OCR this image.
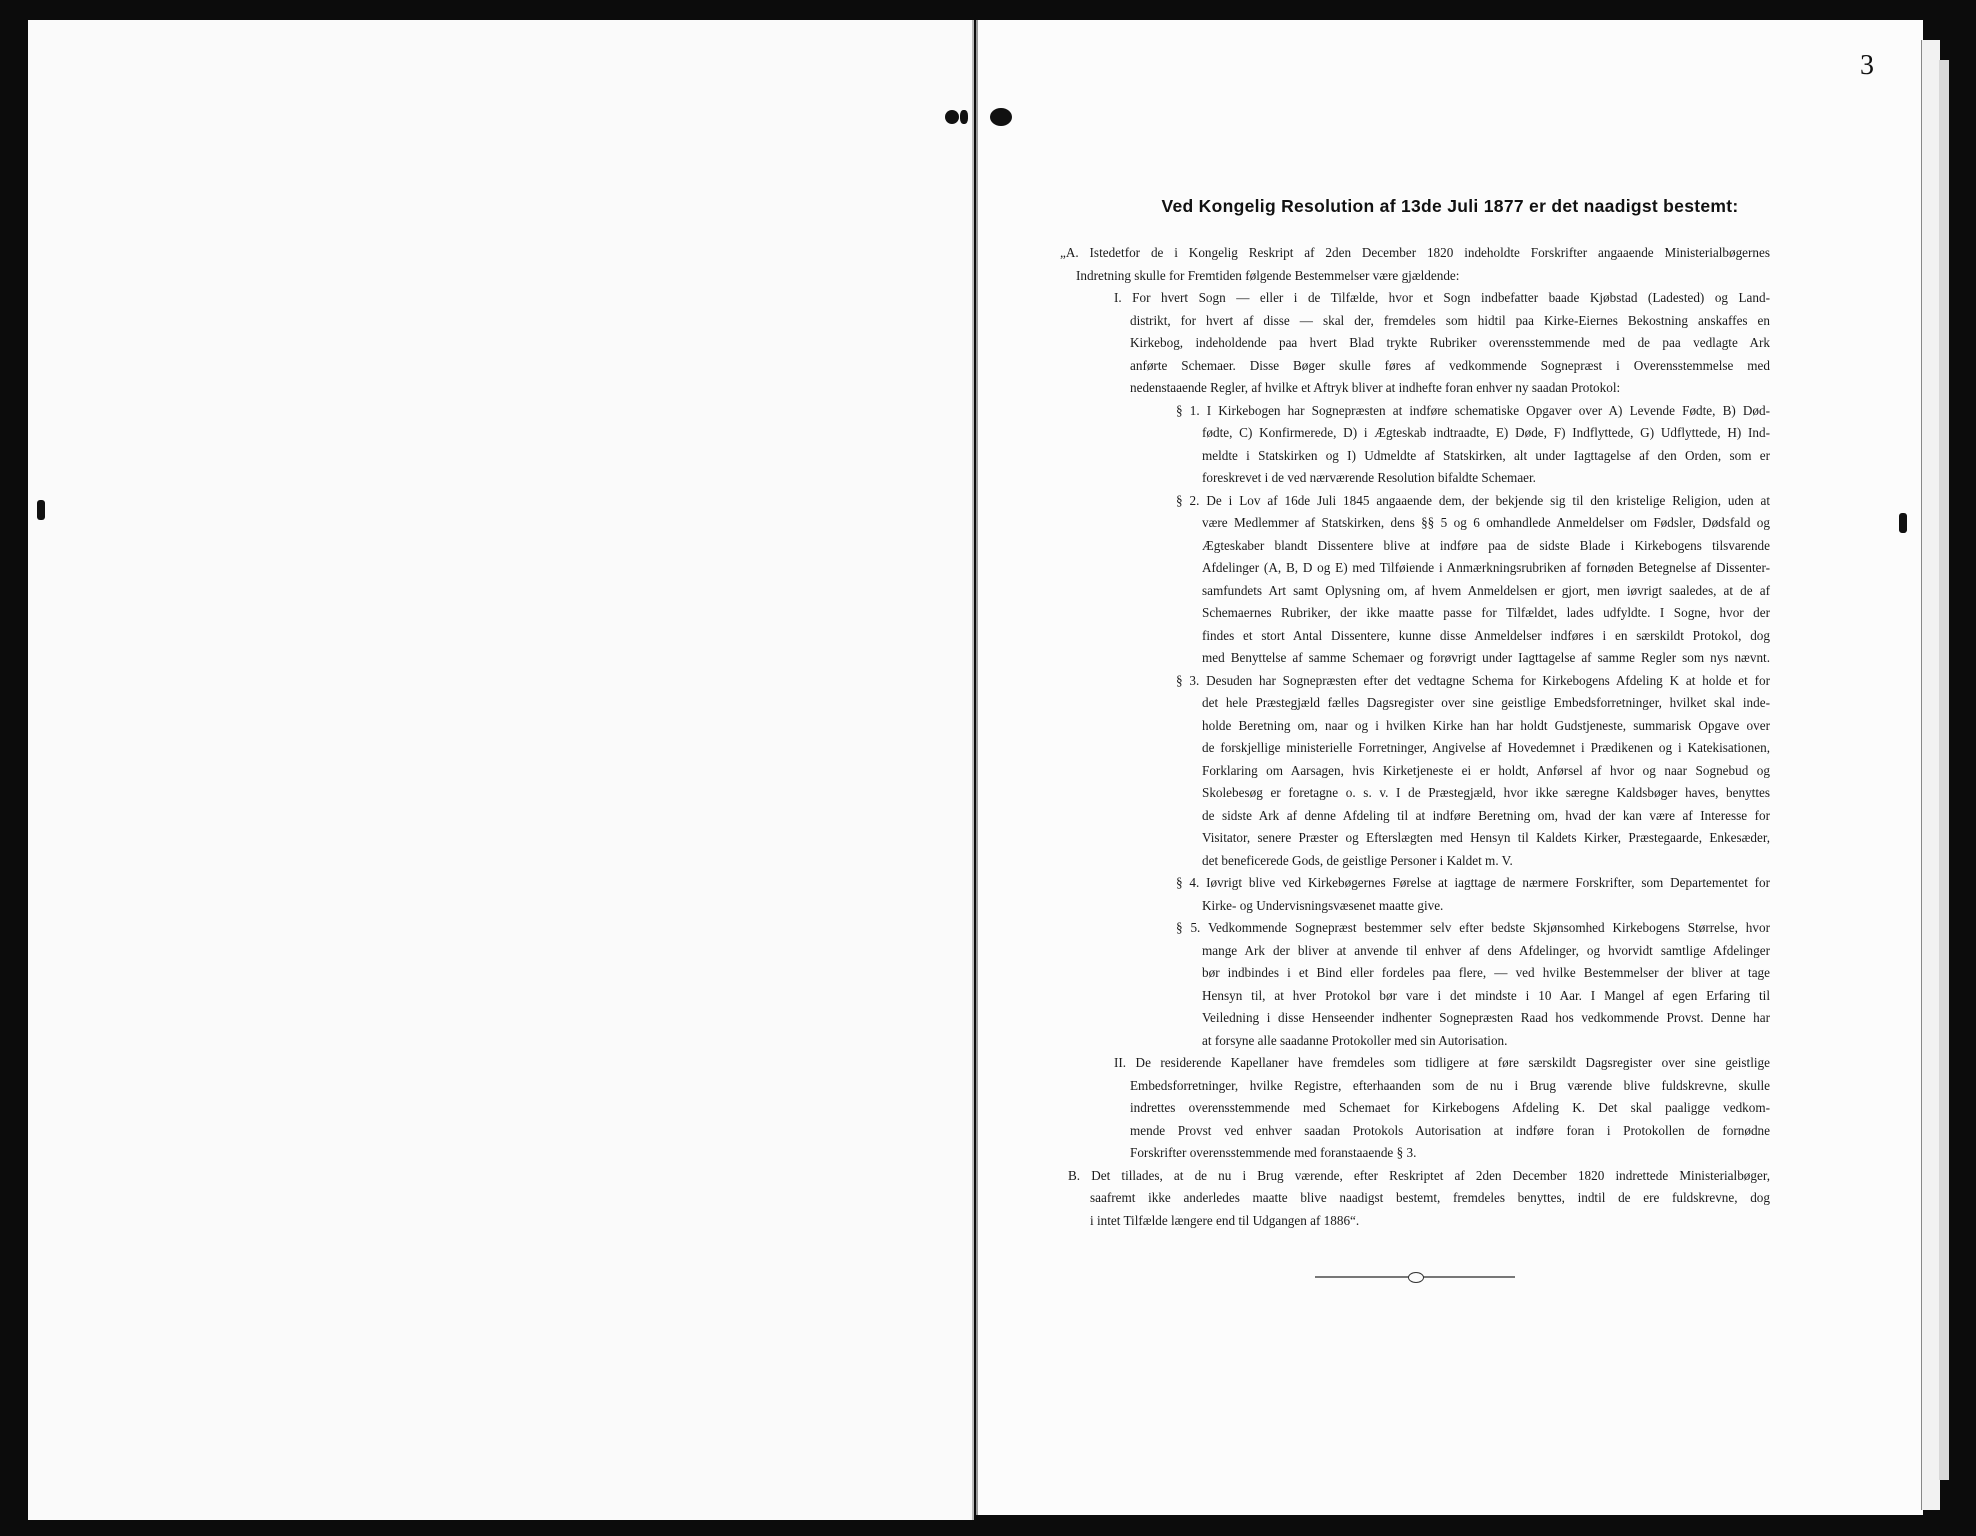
3
Ved Kongelig Resolution af 13de Juli 1877 er det naadigst bestemt:
„A. Istedetfor de i Kongelig Reskript af 2den December 1820 indeholdte Forskrifter angaaende Ministerialbøgernes
Indretning skulle for Fremtiden følgende Bestemmelser være gjældende:
I. For hvert Sogn — eller i de Tilfælde, hvor et Sogn indbefatter baade Kjøbstad (Ladested) og Land-
distrikt, for hvert af disse — skal der, fremdeles som hidtil paa Kirke-Eiernes Bekostning anskaffes en
Kirkebog, indeholdende paa hvert Blad trykte Rubriker overensstemmende med de paa vedlagte Ark
anførte Schemaer. Disse Bøger skulle føres af vedkommende Sognepræst i Overensstemmelse med
nedenstaaende Regler, af hvilke et Aftryk bliver at indhefte foran enhver ny saadan Protokol:
§ 1. I Kirkebogen har Sognepræsten at indføre schematiske Opgaver over A) Levende Fødte, B) Død-
fødte, C) Konfirmerede, D) i Ægteskab indtraadte, E) Døde, F) Indflyttede, G) Udflyttede, H) Ind-
meldte i Statskirken og I) Udmeldte af Statskirken, alt under Iagttagelse af den Orden, som er
foreskrevet i de ved nærværende Resolution bifaldte Schemaer.
§ 2. De i Lov af 16de Juli 1845 angaaende dem, der bekjende sig til den kristelige Religion, uden at
være Medlemmer af Statskirken, dens §§ 5 og 6 omhandlede Anmeldelser om Fødsler, Dødsfald og
Ægteskaber blandt Dissentere blive at indføre paa de sidste Blade i Kirkebogens tilsvarende
Afdelinger (A, B, D og E) med Tilføiende i Anmærkningsrubriken af fornøden Betegnelse af Dissenter-
samfundets Art samt Oplysning om, af hvem Anmeldelsen er gjort, men iøvrigt saaledes, at de af
Schemaernes Rubriker, der ikke maatte passe for Tilfældet, lades udfyldte. I Sogne, hvor der
findes et stort Antal Dissentere, kunne disse Anmeldelser indføres i en særskildt Protokol, dog
med Benyttelse af samme Schemaer og forøvrigt under Iagttagelse af samme Regler som nys nævnt.
§ 3. Desuden har Sognepræsten efter det vedtagne Schema for Kirkebogens Afdeling K at holde et for
det hele Præstegjæld fælles Dagsregister over sine geistlige Embedsforretninger, hvilket skal inde-
holde Beretning om, naar og i hvilken Kirke han har holdt Gudstjeneste, summarisk Opgave over
de forskjellige ministerielle Forretninger, Angivelse af Hovedemnet i Prædikenen og i Katekisationen,
Forklaring om Aarsagen, hvis Kirketjeneste ei er holdt, Anførsel af hvor og naar Sognebud og
Skolebesøg er foretagne o. s. v. I de Præstegjæld, hvor ikke særegne Kaldsbøger haves, benyttes
de sidste Ark af denne Afdeling til at indføre Beretning om, hvad der kan være af Interesse for
Visitator, senere Præster og Efterslægten med Hensyn til Kaldets Kirker, Præstegaarde, Enkesæder,
det beneficerede Gods, de geistlige Personer i Kaldet m. V.
§ 4. Iøvrigt blive ved Kirkebøgernes Førelse at iagttage de nærmere Forskrifter, som Departementet for
Kirke- og Undervisningsvæsenet maatte give.
§ 5. Vedkommende Sognepræst bestemmer selv efter bedste Skjønsomhed Kirkebogens Størrelse, hvor
mange Ark der bliver at anvende til enhver af dens Afdelinger, og hvorvidt samtlige Afdelinger
bør indbindes i et Bind eller fordeles paa flere, — ved hvilke Bestemmelser der bliver at tage
Hensyn til, at hver Protokol bør vare i det mindste i 10 Aar. I Mangel af egen Erfaring til
Veiledning i disse Henseender indhenter Sognepræsten Raad hos vedkommende Provst. Denne har
at forsyne alle saadanne Protokoller med sin Autorisation.
II. De residerende Kapellaner have fremdeles som tidligere at føre særskildt Dagsregister over sine geistlige
Embedsforretninger, hvilke Registre, efterhaanden som de nu i Brug værende blive fuldskrevne, skulle
indrettes overensstemmende med Schemaet for Kirkebogens Afdeling K. Det skal paaligge vedkom-
mende Provst ved enhver saadan Protokols Autorisation at indføre foran i Protokollen de fornødne
Forskrifter overensstemmende med foranstaaende § 3.
B. Det tillades, at de nu i Brug værende, efter Reskriptet af 2den December 1820 indrettede Ministerialbøger,
saafremt ikke anderledes maatte blive naadigst bestemt, fremdeles benyttes, indtil de ere fuldskrevne, dog
i intet Tilfælde længere end til Udgangen af 1886“.
